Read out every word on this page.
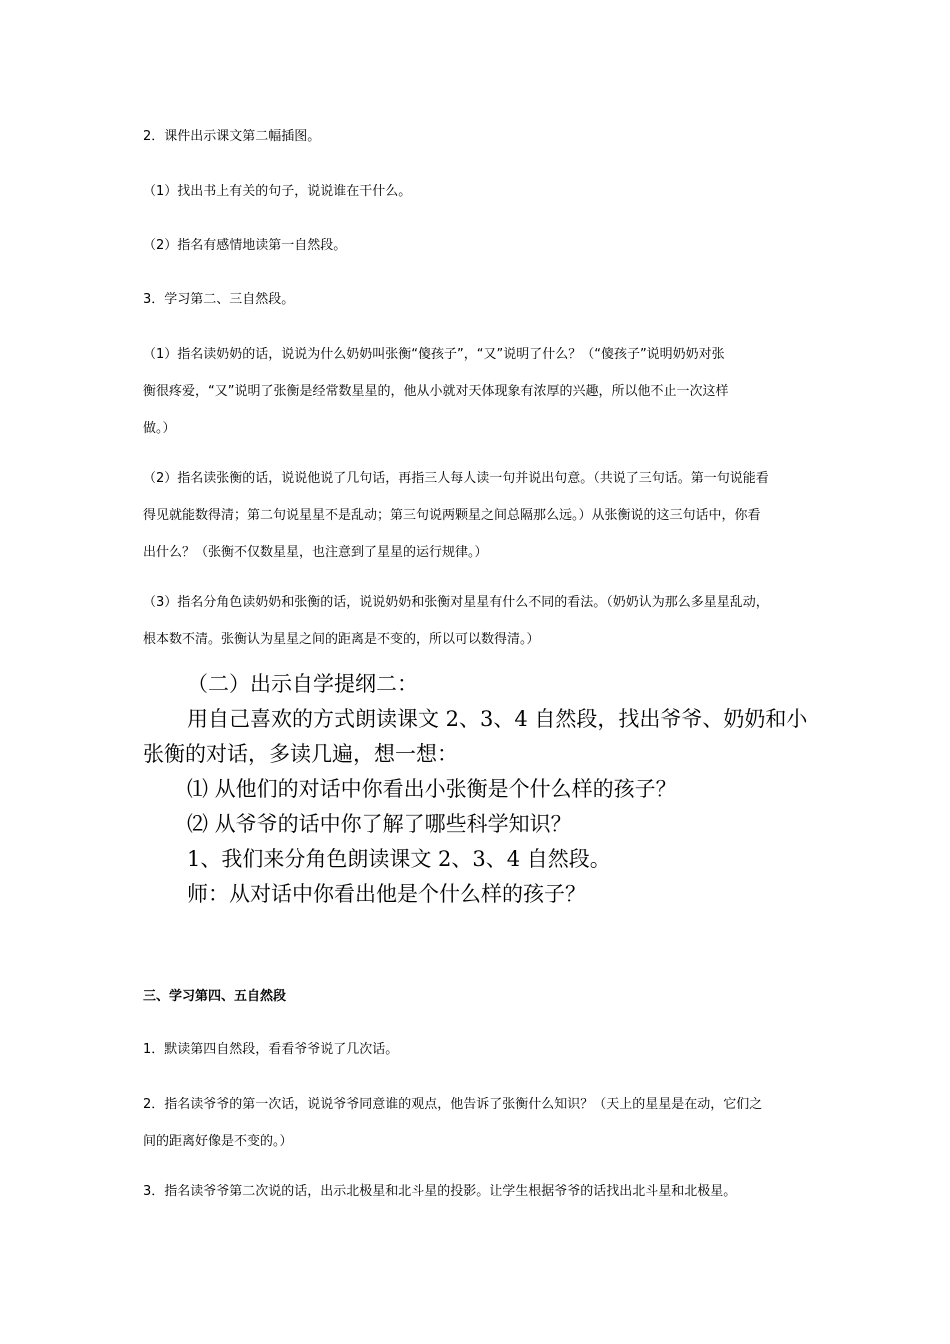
2．课件出示课文第二幅插图。

（1）找出书上有关的句子，说说谁在干什么。

（2）指名有感情地读第一自然段。

3．学习第二、三自然段。

（1）指名读奶奶的话，说说为什么奶奶叫张衡“傻孩子”，“又”说明了什么？（“傻孩子”说明奶奶对张
衡很疼爱，“又”说明了张衡是经常数星星的，他从小就对天体现象有浓厚的兴趣，所以他不止一次这样
做。）
（2）指名读张衡的话，说说他说了几句话，再指三人每人读一句并说出句意。（共说了三句话。第一句说能看
得见就能数得清；第二句说星星不是乱动；第三句说两颗星之间总隔那么远。）从张衡说的这三句话中，你看
出什么？（张衡不仅数星星，也注意到了星星的运行规律。）
（3）指名分角色读奶奶和张衡的话，说说奶奶和张衡对星星有什么不同的看法。（奶奶认为那么多星星乱动，
根本数不清。张衡认为星星之间的距离是不变的，所以可以数得清。）

（二）出示自学提纲二：

用自己喜欢的方式朗读课文 2、3、4 自然段，找出爷爷、奶奶和小

张衡的对话，多读几遍，想一想：

⑴ 从他们的对话中你看出小张衡是个什么样的孩子？

⑵ 从爷爷的话中你了解了哪些科学知识？

1、我们来分角色朗读课文 2、3、4 自然段。

师：从对话中你看出他是个什么样的孩子？

三、学习第四、五自然段

1．默读第四自然段，看看爷爷说了几次话。

2．指名读爷爷的第一次话，说说爷爷同意谁的观点，他告诉了张衡什么知识？（天上的星星是在动，它们之
间的距离好像是不变的。）

3．指名读爷爷第二次说的话，出示北极星和北斗星的投影。让学生根据爷爷的话找出北斗星和北极星。
